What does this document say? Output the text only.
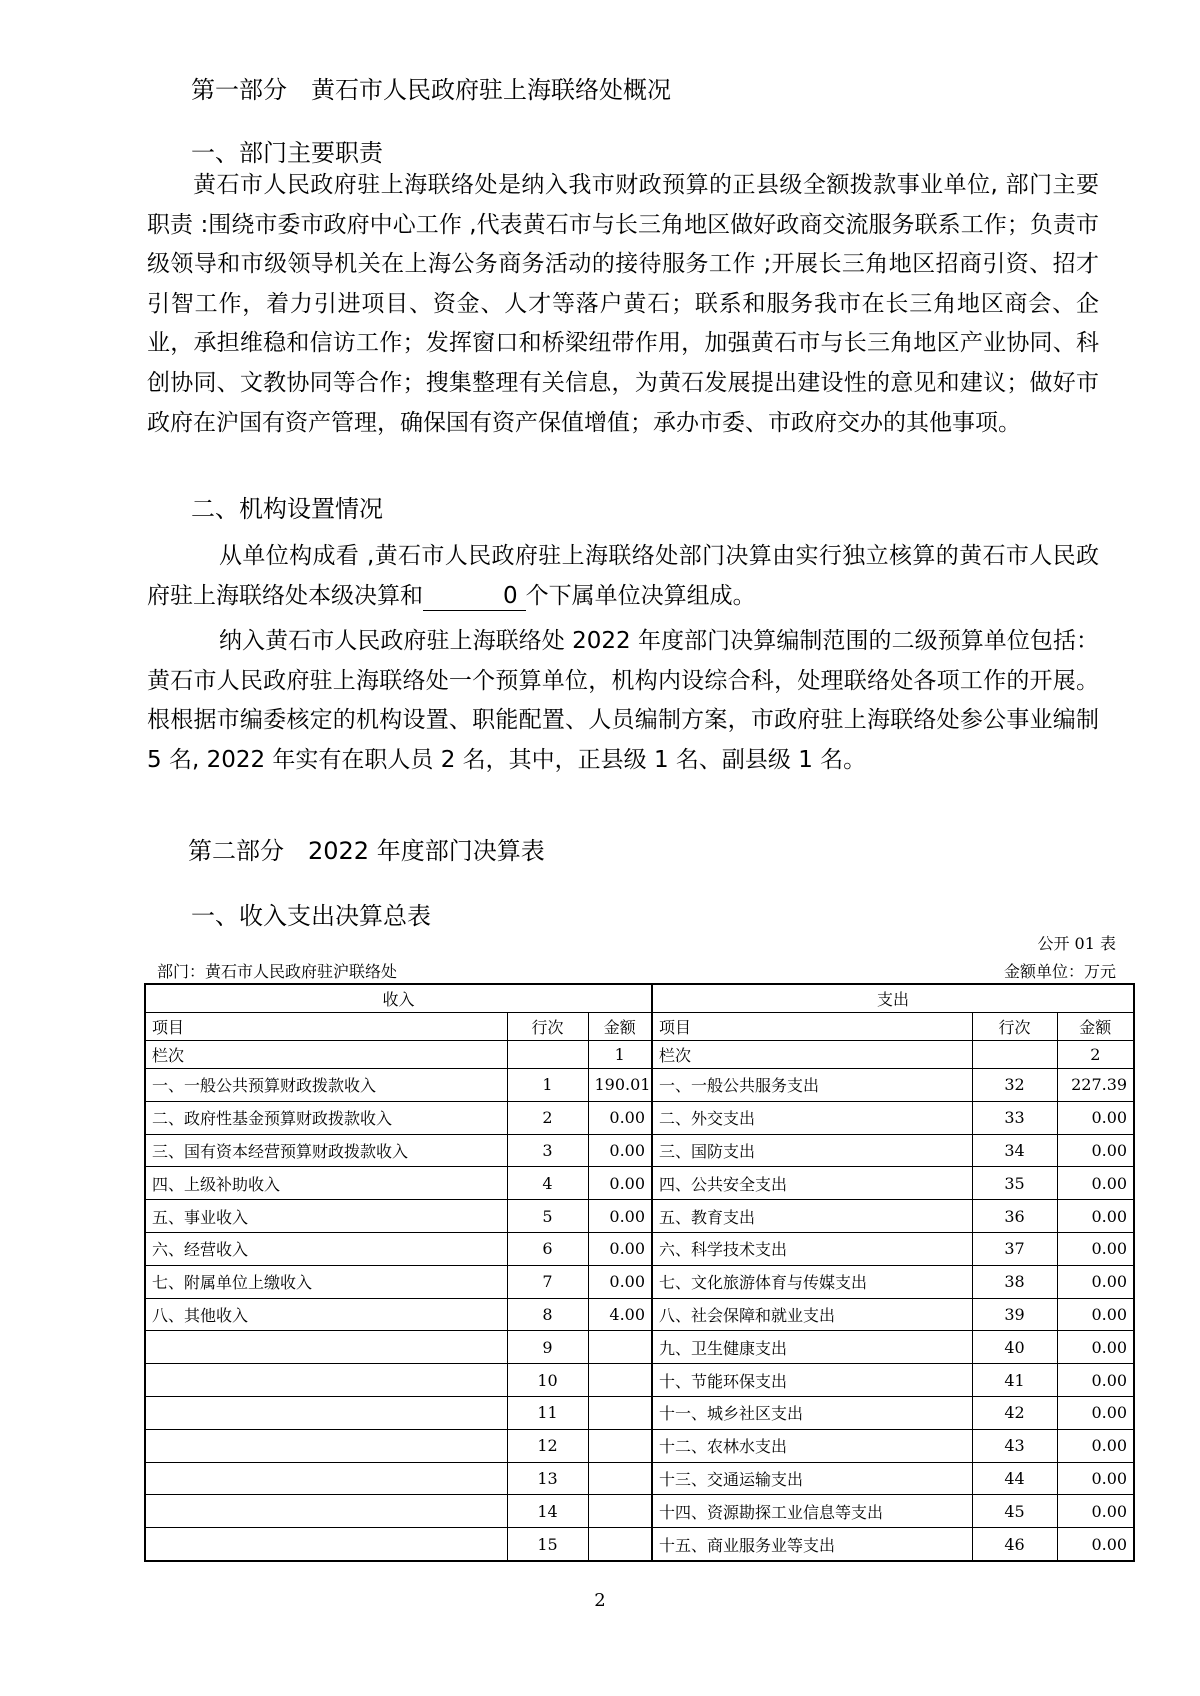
第一部分　黄石市人民政府驻上海联络处概况
一、部门主要职责

黄石市人民政府驻上海联络处是纳入我市财政预算的正县级全额拨款事业单位, 部门主要职责 :围绕市委市政府中心工作 ,代表黄石市与长三角地区做好政商交流服务联系工作；负责市级领导和市级领导机关在上海公务商务活动的接待服务工作 ;开展长三角地区招商引资、招才引智工作，着力引进项目、资金、人才等落户黄石；联系和服务我市在长三角地区商会、企业，承担维稳和信访工作；发挥窗口和桥梁纽带作用，加强黄石市与长三角地区产业协同、科创协同、文教协同等合作；搜集整理有关信息，为黄石发展提出建设性的意见和建议；做好市政府在沪国有资产管理，确保国有资产保值增值；承办市委、市政府交办的其他事项。

二、机构设置情况

从单位构成看 ,黄石市人民政府驻上海联络处部门决算由实行独立核算的黄石市人民政府驻上海联络处本级决算和	0 个下属单位决算组成。

纳入黄石市人民政府驻上海联络处 2022 年度部门决算编制范围的二级预算单位包括：黄石市人民政府驻上海联络处一个预算单位，机构内设综合科，处理联络处各项工作的开展。根根据市编委核定的机构设置、职能配置、人员编制方案，市政府驻上海联络处参公事业编制 5 名, 2022 年实有在职人员 2 名，其中，正县级 1 名、副县级 1 名。

第二部分　2022 年度部门决算表
一、收入支出决算总表
公开 01 表
部门：黄石市人民政府驻沪联络处	金额单位：万元
收入			支出		
项目	行次	金额	项目	行次	金额
栏次		1	栏次		2
一、一般公共预算财政拨款收入	1	190.01	一、一般公共服务支出	32	227.39
二、政府性基金预算财政拨款收入	2	0.00	二、外交支出	33	0.00
三、国有资本经营预算财政拨款收入	3	0.00	三、国防支出	34	0.00
四、上级补助收入	4	0.00	四、公共安全支出	35	0.00
五、事业收入	5	0.00	五、教育支出	36	0.00
六、经营收入	6	0.00	六、科学技术支出	37	0.00
七、附属单位上缴收入	7	0.00	七、文化旅游体育与传媒支出	38	0.00
八、其他收入	8	4.00	八、社会保障和就业支出	39	0.00
	9		九、卫生健康支出	40	0.00
	10		十、节能环保支出	41	0.00
	11		十一、城乡社区支出	42	0.00
	12		十二、农林水支出	43	0.00
	13		十三、交通运输支出	44	0.00
	14		十四、资源勘探工业信息等支出	45	0.00
	15		十五、商业服务业等支出	46	0.00
2
